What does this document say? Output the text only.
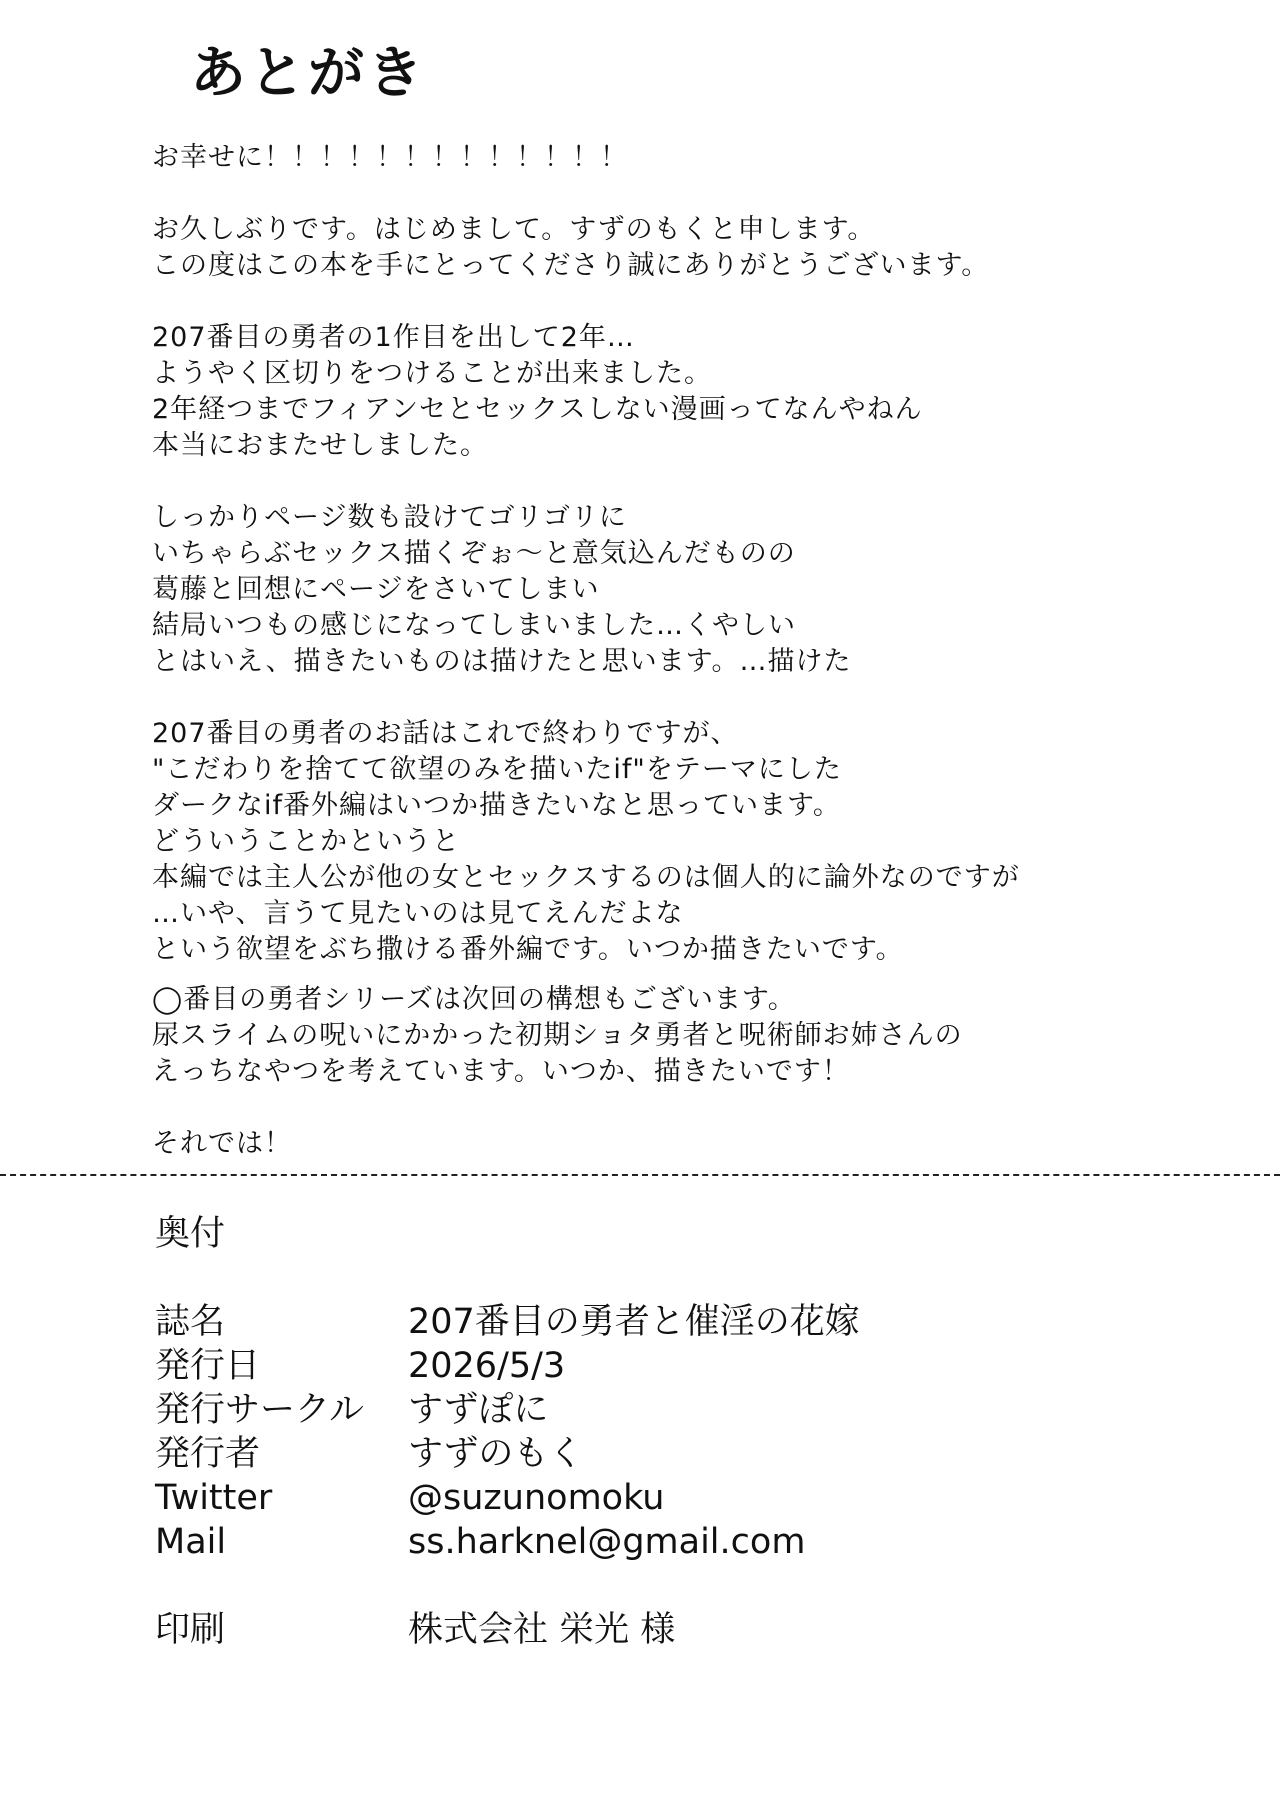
あとがき
お幸せに！！！！！！！！！！！！！
お久しぶりです。はじめまして。すずのもくと申します。
この度はこの本を手にとってくださり誠にありがとうございます。
207番目の勇者の1作目を出して2年…
ようやく区切りをつけることが出来ました。
2年経つまでフィアンセとセックスしない漫画ってなんやねん
本当におまたせしました。
しっかりページ数も設けてゴリゴリに
いちゃらぶセックス描くぞぉ～と意気込んだものの
葛藤と回想にページをさいてしまい
結局いつもの感じになってしまいました…くやしい
とはいえ、描きたいものは描けたと思います。…描けた
207番目の勇者のお話はこれで終わりですが、
"こだわりを捨てて欲望のみを描いたif"をテーマにした
ダークなif番外編はいつか描きたいなと思っています。
どういうことかというと
本編では主人公が他の女とセックスするのは個人的に論外なのですが
…いや、言うて見たいのは見てえんだよな
という欲望をぶち撒ける番外編です。いつか描きたいです。
◯番目の勇者シリーズは次回の構想もございます。
尿スライムの呪いにかかった初期ショタ勇者と呪術師お姉さんの
えっちなやつを考えています。いつか、描きたいです！
それでは！
奥付
誌名	207番目の勇者と催淫の花嫁
発行日	2026/5/3
発行サークル	すずぽに
発行者	すずのもく
Twitter	@suzunomoku
Mail	ss.harknel@gmail.com
印刷	株式会社 栄光 様
